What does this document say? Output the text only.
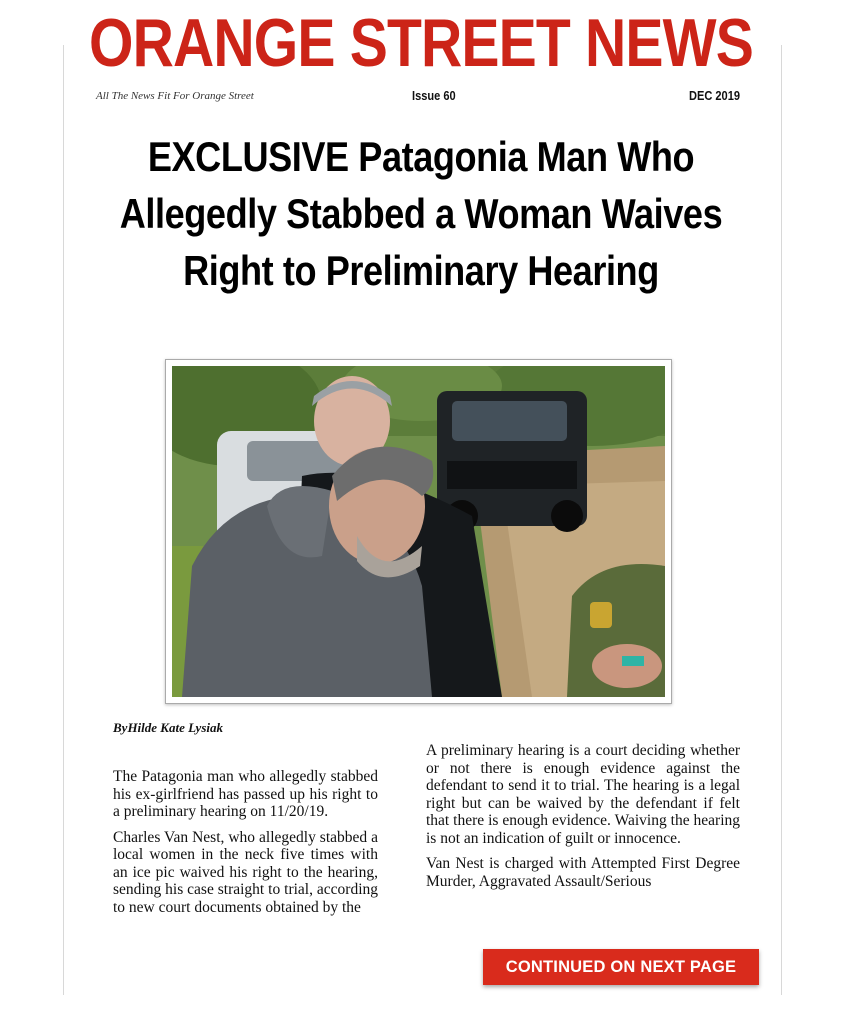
ORANGE STREET NEWS
All The News Fit For Orange Street	Issue 60	DEC 2019
EXCLUSIVE Patagonia Man Who
Allegedly Stabbed a Woman Waives
Right to Preliminary Hearing
ByHilde Kate Lysiak

The Patagonia man who allegedly stabbed his ex-girlfriend has passed up his right to a preliminary hearing on 11/20/19.

Charles Van Nest, who allegedly stabbed a local women in the neck five times with an ice pic waived his right to the hearing, sending his case straight to trial, according to new court documents obtained by the

A preliminary hearing is a court deciding whether or not there is enough evidence against the defendant to send it to trial. The hearing is a legal right but can be waived by the defendant if felt that there is enough evidence. Waiving the hearing is not an indication of guilt or innocence.

Van Nest is charged with Attempted First Degree Murder, Aggravated Assault/Serious

CONTINUED ON NEXT PAGE
